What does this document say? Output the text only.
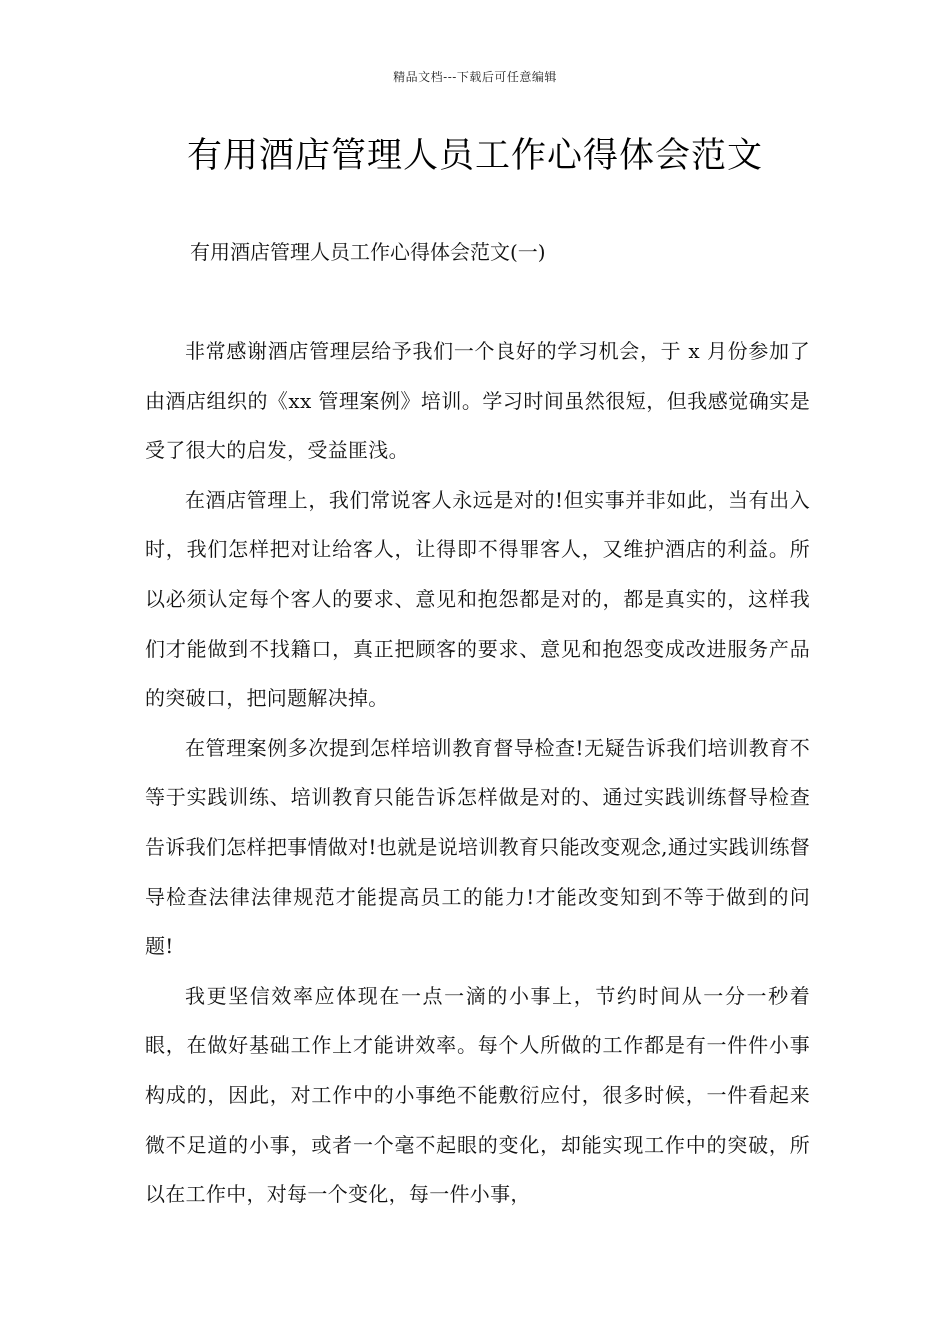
精品文档---下载后可任意编辑
有用酒店管理人员工作心得体会范文

有用酒店管理人员工作心得体会范文(一)

非常感谢酒店管理层给予我们一个良好的学习机会，于 x 月份参加了由酒店组织的《xx 管理案例》培训。学习时间虽然很短，但我感觉确实是受了很大的启发，受益匪浅。

在酒店管理上，我们常说客人永远是对的!但实事并非如此，当有出入时，我们怎样把对让给客人，让得即不得罪客人，又维护酒店的利益。所以必须认定每个客人的要求、意见和抱怨都是对的，都是真实的，这样我们才能做到不找籍口，真正把顾客的要求、意见和抱怨变成改进服务产品的突破口，把问题解决掉。

在管理案例多次提到怎样培训教育督导检查!无疑告诉我们培训教育不等于实践训练、培训教育只能告诉怎样做是对的、通过实践训练督导检查告诉我们怎样把事情做对!也就是说培训教育只能改变观念,通过实践训练督导检查法律法律规范才能提高员工的能力!才能改变知到不等于做到的问题!

我更坚信效率应体现在一点一滴的小事上，节约时间从一分一秒着眼，在做好基础工作上才能讲效率。每个人所做的工作都是有一件件小事构成的，因此，对工作中的小事绝不能敷衍应付，很多时候，一件看起来微不足道的小事，或者一个毫不起眼的变化，却能实现工作中的突破，所以在工作中，对每一个变化，每一件小事，
